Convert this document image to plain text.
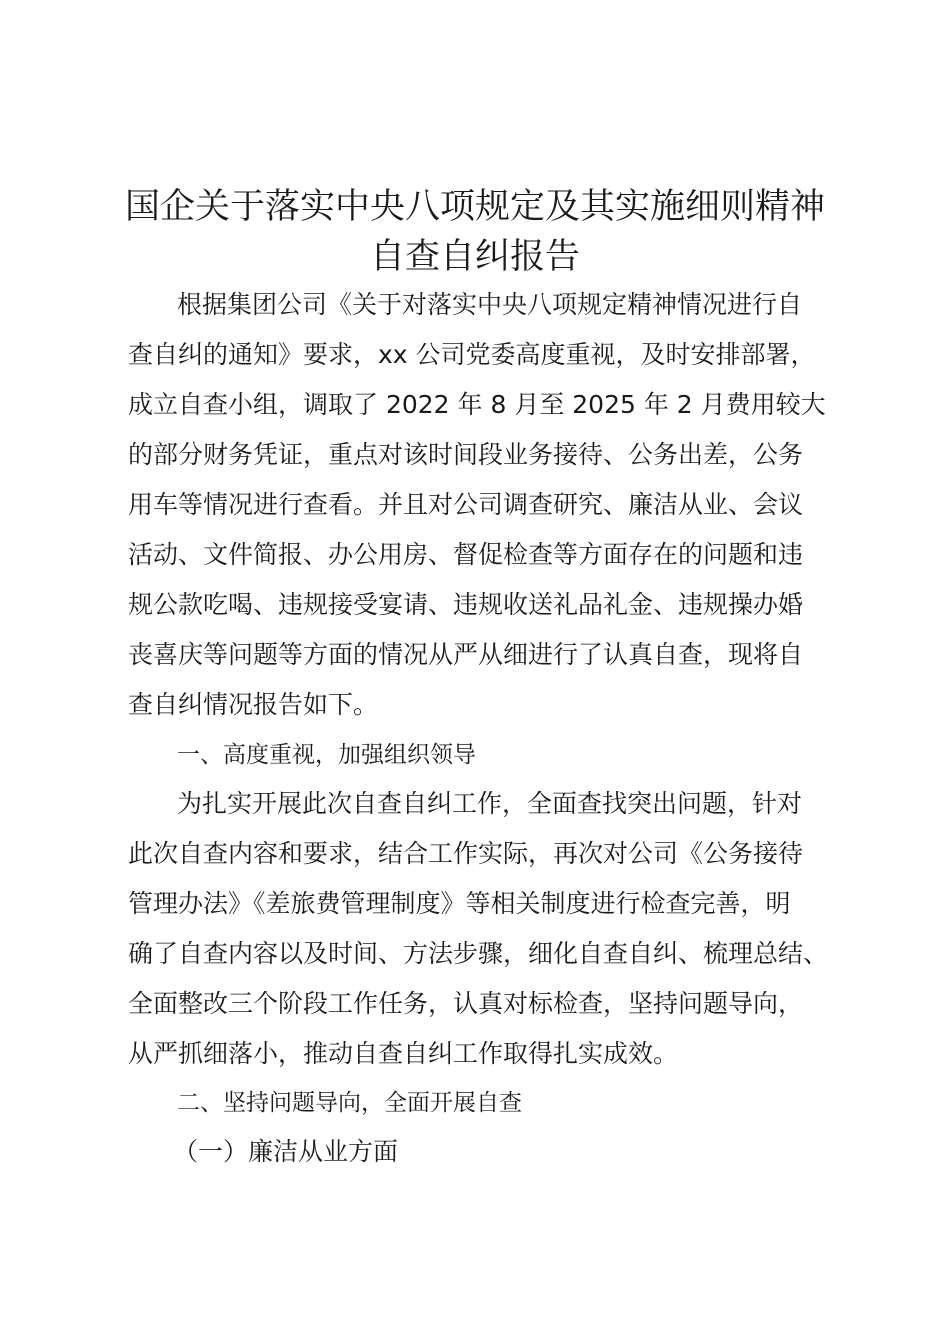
国企关于落实中央八项规定及其实施细则精神
自查自纠报告

根据集团公司《关于对落实中央八项规定精神情况进行自

查自纠的通知》要求，xx 公司党委高度重视，及时安排部署，

成立自查小组，调取了 2022 年 8 月至 2025 年 2 月费用较大

的部分财务凭证，重点对该时间段业务接待、公务出差，公务

用车等情况进行查看。并且对公司调查研究、廉洁从业、会议

活动、文件简报、办公用房、督促检查等方面存在的问题和违

规公款吃喝、违规接受宴请、违规收送礼品礼金、违规操办婚

丧喜庆等问题等方面的情况从严从细进行了认真自查，现将自

查自纠情况报告如下。

一、高度重视，加强组织领导

为扎实开展此次自查自纠工作，全面查找突出问题，针对

此次自查内容和要求，结合工作实际，再次对公司《公务接待

管理办法》《差旅费管理制度》等相关制度进行检查完善，明

确了自查内容以及时间、方法步骤，细化自查自纠、梳理总结、

全面整改三个阶段工作任务，认真对标检查，坚持问题导向，

从严抓细落小，推动自查自纠工作取得扎实成效。

二、坚持问题导向，全面开展自查

（一）廉洁从业方面
